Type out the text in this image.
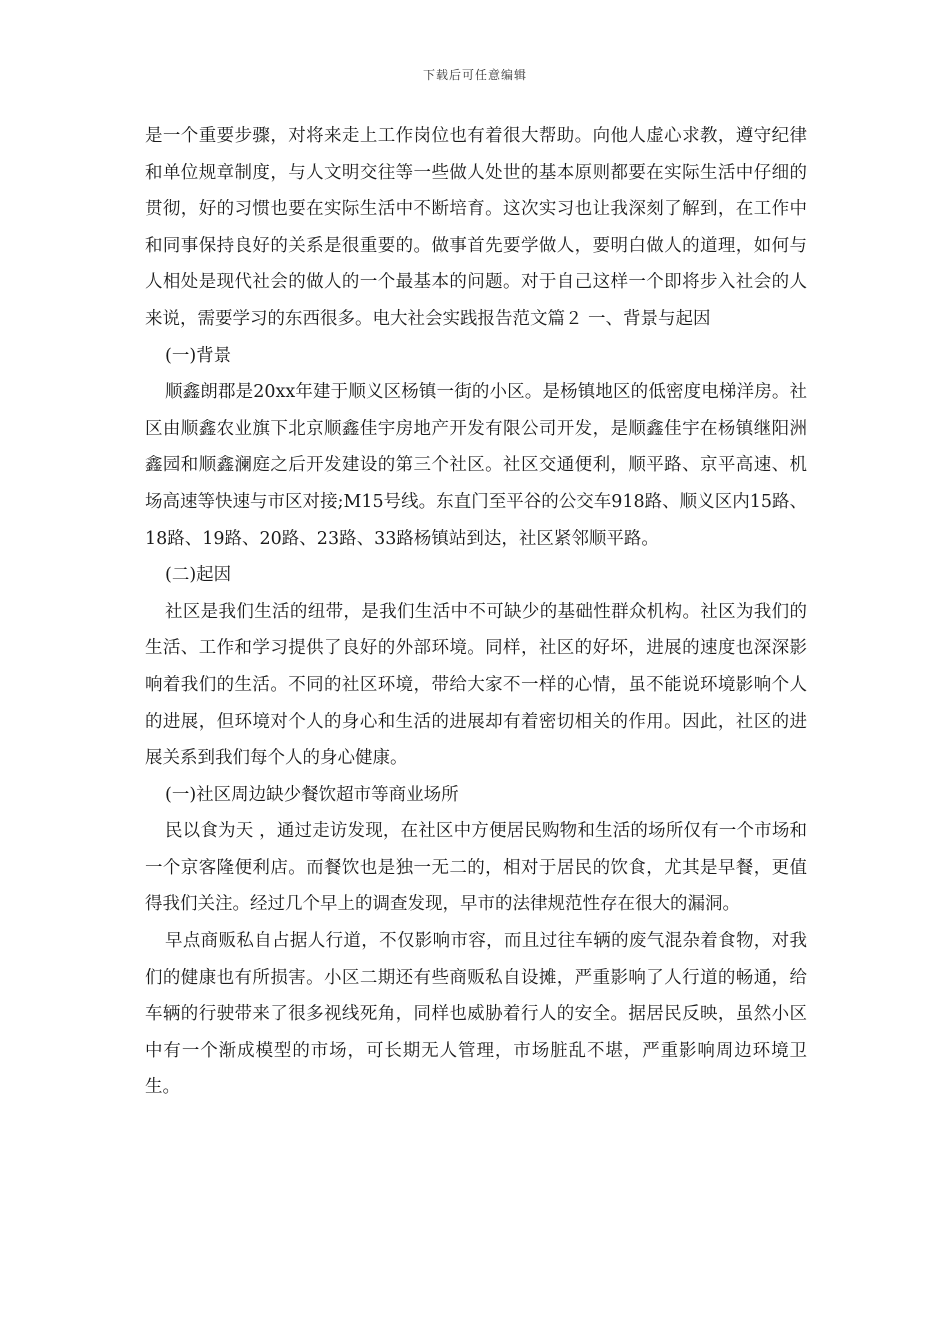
下载后可任意编辑

是一个重要步骤，对将来走上工作岗位也有着很大帮助。向他人虚心求教，遵守纪律和单位规章制度，与人文明交往等一些做人处世的基本原则都要在实际生活中仔细的贯彻，好的习惯也要在实际生活中不断培育。这次实习也让我深刻了解到，在工作中和同事保持良好的关系是很重要的。做事首先要学做人，要明白做人的道理，如何与人相处是现代社会的做人的一个最基本的问题。对于自己这样一个即将步入社会的人来说，需要学习的东西很多。电大社会实践报告范文篇２ 一、背景与起因

(一)背景

顺鑫朗郡是20xx年建于顺义区杨镇一街的小区。是杨镇地区的低密度电梯洋房。社区由顺鑫农业旗下北京顺鑫佳宇房地产开发有限公司开发，是顺鑫佳宇在杨镇继阳洲鑫园和顺鑫澜庭之后开发建设的第三个社区。社区交通便利，顺平路、京平高速、机场高速等快速与市区对接;M15号线。东直门至平谷的公交车918路、顺义区内15路、18路、19路、20路、23路、33路杨镇站到达，社区紧邻顺平路。

(二)起因

社区是我们生活的纽带，是我们生活中不可缺少的基础性群众机构。社区为我们的生活、工作和学习提供了良好的外部环境。同样，社区的好坏，进展的速度也深深影响着我们的生活。不同的社区环境，带给大家不一样的心情，虽不能说环境影响个人的进展，但环境对个人的身心和生活的进展却有着密切相关的作用。因此，社区的进展关系到我们每个人的身心健康。

(一)社区周边缺少餐饮超市等商业场所

民以食为天 ，通过走访发现，在社区中方便居民购物和生活的场所仅有一个市场和一个京客隆便利店。而餐饮也是独一无二的，相对于居民的饮食，尤其是早餐，更值得我们关注。经过几个早上的调查发现，早市的法律规范性存在很大的漏洞。

早点商贩私自占据人行道，不仅影响市容，而且过往车辆的废气混杂着食物，对我们的健康也有所损害。小区二期还有些商贩私自设摊，严重影响了人行道的畅通，给车辆的行驶带来了很多视线死角，同样也威胁着行人的安全。据居民反映，虽然小区中有一个渐成模型的市场，可长期无人管理，市场脏乱不堪，严重影响周边环境卫生。
